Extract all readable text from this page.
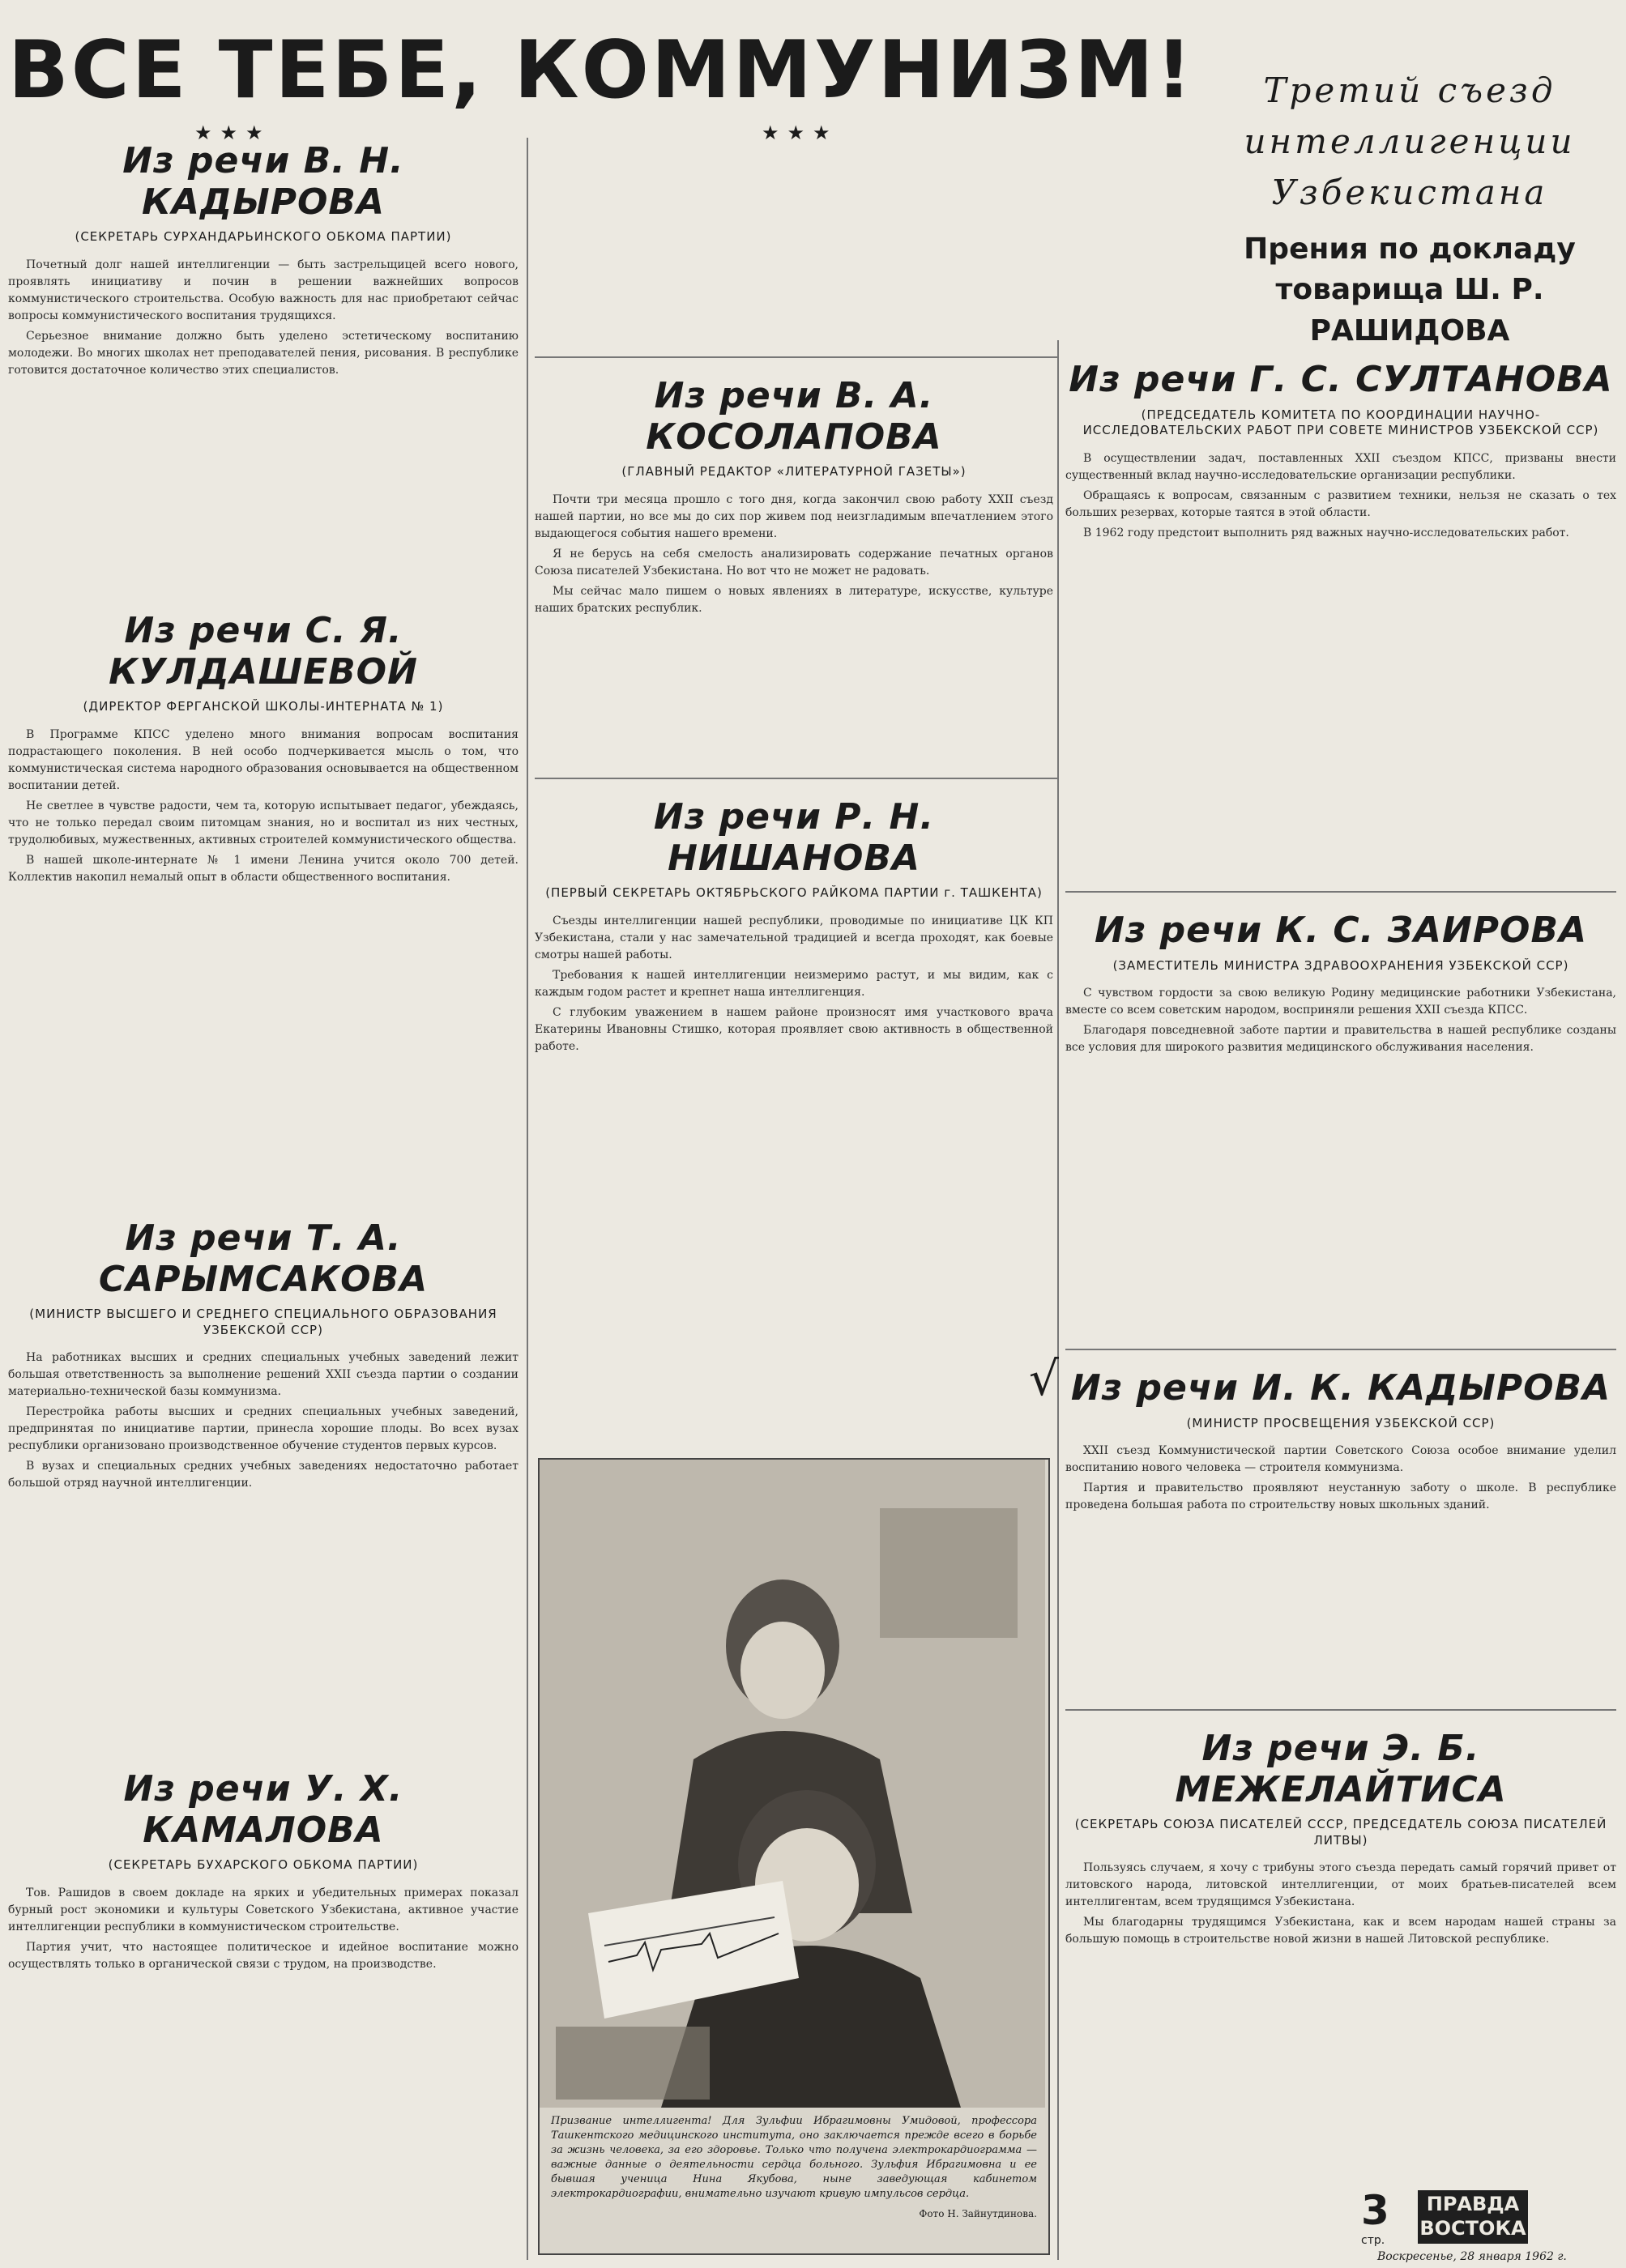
ВСЕ ТЕБЕ, КОММУНИЗМ!
★★★	★★★
Третий съезд
интеллигенции
Узбекистана
Прения по докладу
товарища Ш. Р. РАШИДОВА
Из речи В. Н. КАДЫРОВА
(СЕКРЕТАРЬ СУРХАНДАРЬИНСКОГО ОБКОМА ПАРТИИ)

Почетный долг нашей интеллигенции — быть застрельщицей всего нового, проявлять инициативу и почин в решении важнейших вопросов коммунистического строительства. Особую важность для нас приобретают сейчас вопросы коммунистического воспитания трудящихся.

Серьезное внимание должно быть уделено эстетическому воспитанию молодежи. Во многих школах нет преподавателей пения, рисования. В республике готовится достаточное количество этих специалистов.

Из речи С. Я. КУЛДАШЕВОЙ
(ДИРЕКТОР ФЕРГАНСКОЙ ШКОЛЫ-ИНТЕРНАТА № 1)

В Программе КПСС уделено много внимания вопросам воспитания подрастающего поколения. В ней особо подчеркивается мысль о том, что коммунистическая система народного образования основывается на общественном воспитании детей.

Не светлее в чувстве радости, чем та, которую испытывает педагог, убеждаясь, что не только передал своим питомцам знания, но и воспитал из них честных, трудолюбивых, мужественных, активных строителей коммунистического общества.

В нашей школе-интернате № 1 имени Ленина учится около 700 детей. Коллектив накопил немалый опыт в области общественного воспитания.

Из речи Т. А. САРЫМСАКОВА
(МИНИСТР ВЫСШЕГО И СРЕДНЕГО СПЕЦИАЛЬНОГО ОБРАЗОВАНИЯ УЗБЕКСКОЙ ССР)

На работниках высших и средних специальных учебных заведений лежит большая ответственность за выполнение решений XXII съезда партии о создании материально-технической базы коммунизма.

Перестройка работы высших и средних специальных учебных заведений, предпринятая по инициативе партии, принесла хорошие плоды. Во всех вузах республики организовано производственное обучение студентов первых курсов.

В вузах и специальных средних учебных заведениях недостаточно работает большой отряд научной интеллигенции.

Из речи У. Х. КАМАЛОВА
(СЕКРЕТАРЬ БУХАРСКОГО ОБКОМА ПАРТИИ)

Тов. Рашидов в своем докладе на ярких и убедительных примерах показал бурный рост экономики и культуры Советского Узбекистана, активное участие интеллигенции республики в коммунистическом строительстве.

Партия учит, что настоящее политическое и идейное воспитание можно осуществлять только в органической связи с трудом, на производстве.

Из речи В. А. КОСОЛАПОВА
(ГЛАВНЫЙ РЕДАКТОР «ЛИТЕРАТУРНОЙ ГАЗЕТЫ»)

Почти три месяца прошло с того дня, когда закончил свою работу XXII съезд нашей партии, но все мы до сих пор живем под неизгладимым впечатлением этого выдающегося события нашего времени.

Я не берусь на себя смелость анализировать содержание печатных органов Союза писателей Узбекистана. Но вот что не может не радовать.

Мы сейчас мало пишем о новых явлениях в литературе, искусстве, культуре наших братских республик.

Из речи Р. Н. НИШАНОВА
(ПЕРВЫЙ СЕКРЕТАРЬ ОКТЯБРЬСКОГО РАЙКОМА ПАРТИИ г. ТАШКЕНТА)

Съезды интеллигенции нашей республики, проводимые по инициативе ЦК КП Узбекистана, стали у нас замечательной традицией и всегда проходят, как боевые смотры нашей работы.

Требования к нашей интеллигенции неизмеримо растут, и мы видим, как с каждым годом растет и крепнет наша интеллигенция.

С глубоким уважением в нашем районе произносят имя участкового врача Екатерины Ивановны Стишко, которая проявляет свою активность в общественной работе.

Призвание интеллигента! Для Зульфии Ибрагимовны Умидовой, профессора Ташкентского медицинского института, оно заключается прежде всего в борьбе за жизнь человека, за его здоровье. Только что получена электрокардиограмма — важные данные о деятельности сердца больного. Зульфия Ибрагимовна и ее бывшая ученица Нина Якубова, ныне заведующая кабинетом электрокардиографии, внимательно изучают кривую импульсов сердца.
Фото Н. Зайнутдинова.
Из речи Г. С. СУЛТАНОВА
(ПРЕДСЕДАТЕЛЬ КОМИТЕТА ПО КООРДИНАЦИИ НАУЧНО-ИССЛЕДОВАТЕЛЬСКИХ РАБОТ ПРИ СОВЕТЕ МИНИСТРОВ УЗБЕКСКОЙ ССР)

В осуществлении задач, поставленных XXII съездом КПСС, призваны внести существенный вклад научно-исследовательские организации республики.

Обращаясь к вопросам, связанным с развитием техники, нельзя не сказать о тех больших резервах, которые таятся в этой области.

В 1962 году предстоит выполнить ряд важных научно-исследовательских работ.

Из речи К. С. ЗАИРОВА
(ЗАМЕСТИТЕЛЬ МИНИСТРА ЗДРАВООХРАНЕНИЯ УЗБЕКСКОЙ ССР)

С чувством гордости за свою великую Родину медицинские работники Узбекистана, вместе со всем советским народом, восприняли решения XXII съезда КПСС.

Благодаря повседневной заботе партии и правительства в нашей республике созданы все условия для широкого развития медицинского обслуживания населения.

√ Из речи И. К. КАДЫРОВА
(МИНИСТР ПРОСВЕЩЕНИЯ УЗБЕКСКОЙ ССР)

XXII съезд Коммунистической партии Советского Союза особое внимание уделил воспитанию нового человека — строителя коммунизма.

Партия и правительство проявляют неустанную заботу о школе. В республике проведена большая работа по строительству новых школьных зданий.

Из речи Э. Б. МЕЖЕЛАЙТИСА
(СЕКРЕТАРЬ СОЮЗА ПИСАТЕЛЕЙ СССР, ПРЕДСЕДАТЕЛЬ СОЮЗА ПИСАТЕЛЕЙ ЛИТВЫ)

Пользуясь случаем, я хочу с трибуны этого съезда передать самый горячий привет от литовского народа, литовской интеллигенции, от моих братьев-писателей всем интеллигентам, всем трудящимся Узбекистана.

Мы благодарны трудящимся Узбекистана, как и всем народам нашей страны за большую помощь в строительстве новой жизни в нашей Литовской республике.

3
стр.
ПРАВДА
ВОСТОКА
Воскресенье, 28 января 1962 г.
